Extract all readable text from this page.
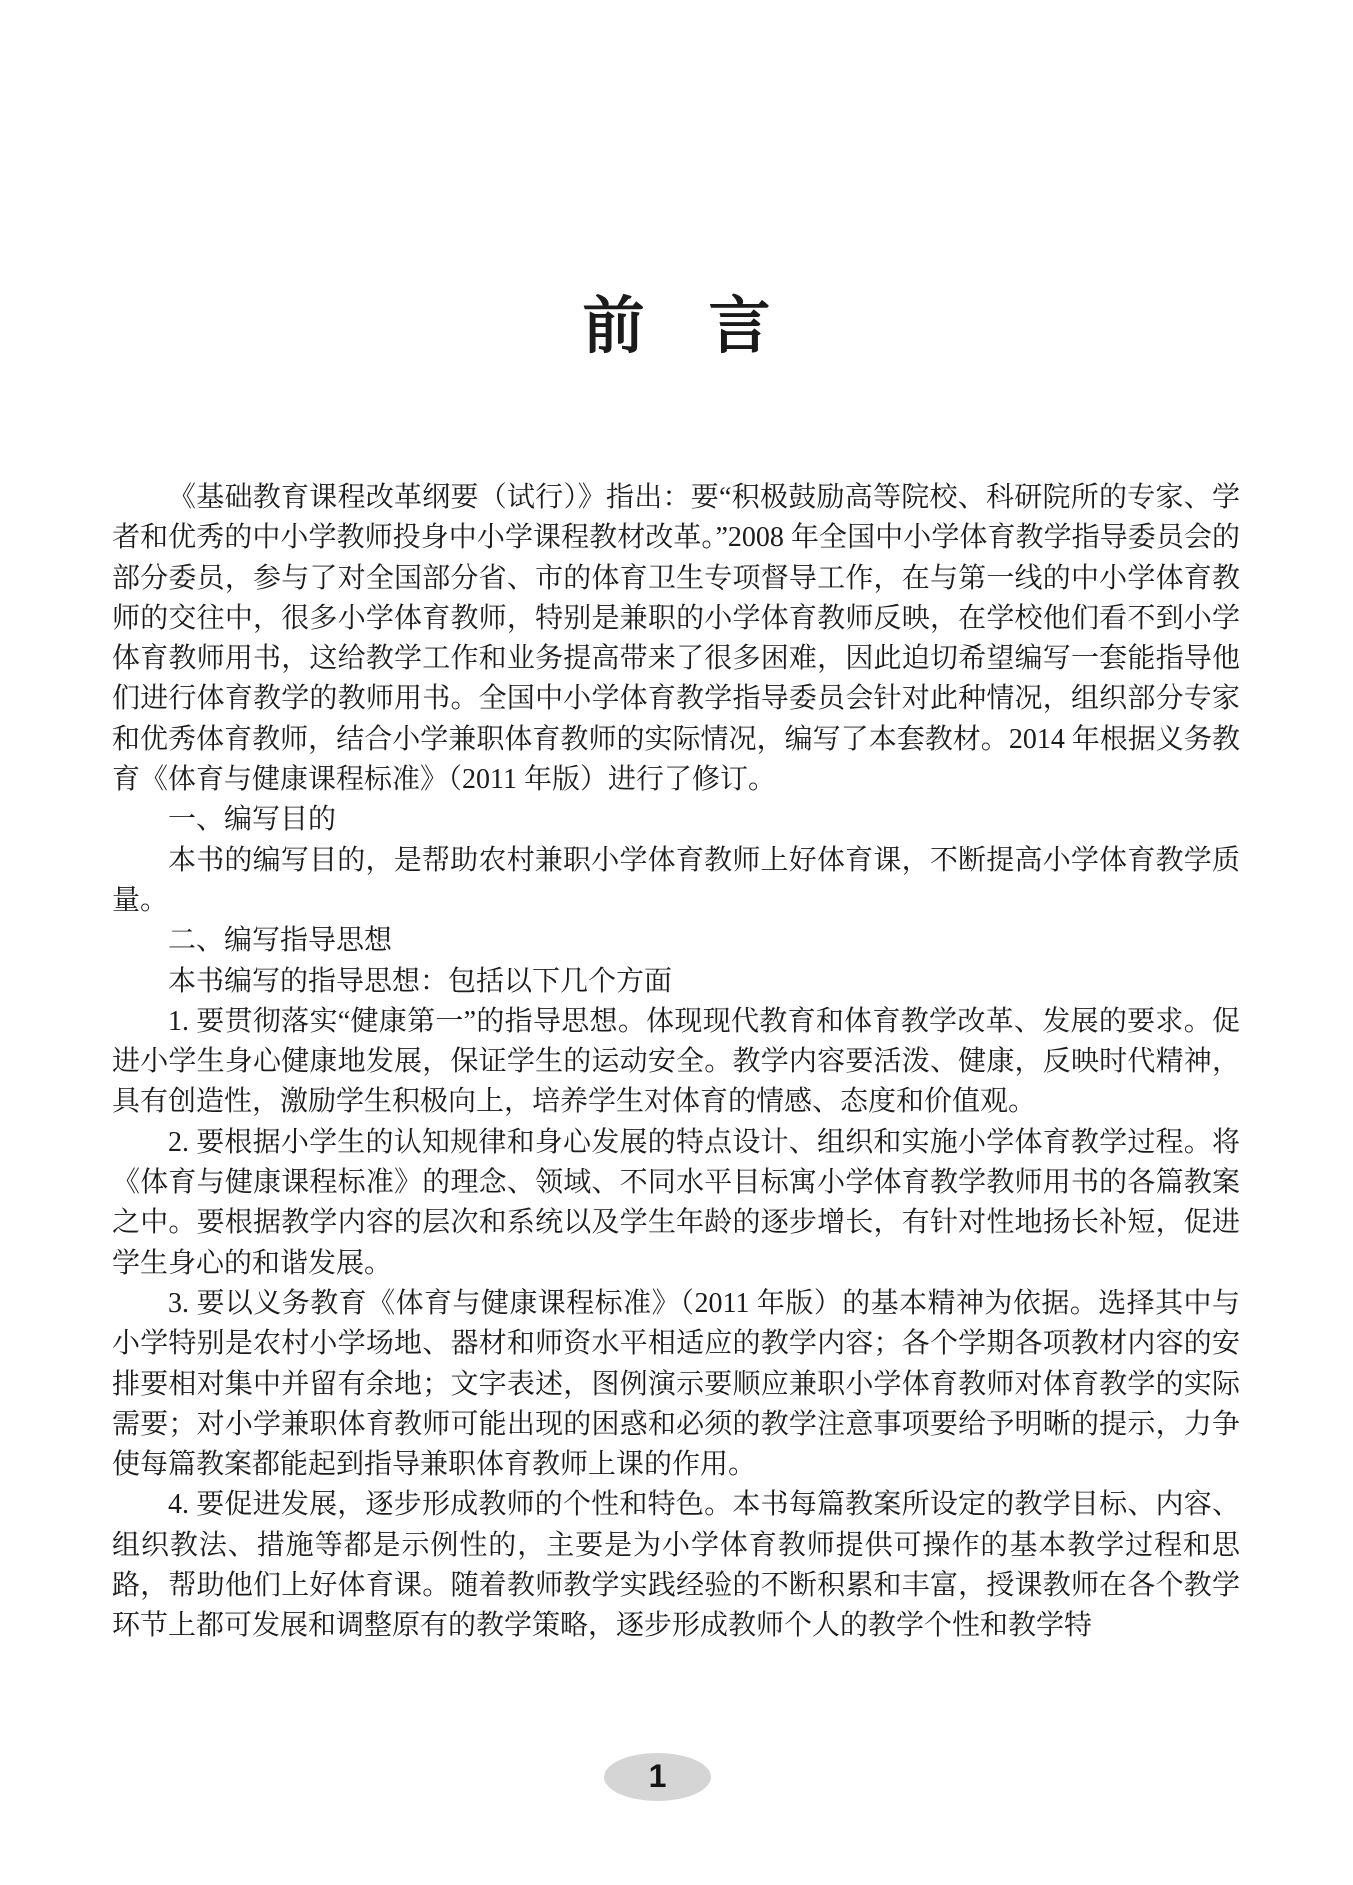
前 言

《基础教育课程改革纲要（试行）》指出：要“积极鼓励高等院校、科研院所的专家、学者和优秀的中小学教师投身中小学课程教材改革。”2008 年全国中小学体育教学指导委员会的部分委员，参与了对全国部分省、市的体育卫生专项督导工作，在与第一线的中小学体育教师的交往中，很多小学体育教师，特别是兼职的小学体育教师反映，在学校他们看不到小学体育教师用书，这给教学工作和业务提高带来了很多困难，因此迫切希望编写一套能指导他们进行体育教学的教师用书。全国中小学体育教学指导委员会针对此种情况，组织部分专家和优秀体育教师，结合小学兼职体育教师的实际情况，编写了本套教材。2014 年根据义务教育《体育与健康课程标准》（2011 年版）进行了修订。

一、编写目的

本书的编写目的，是帮助农村兼职小学体育教师上好体育课，不断提高小学体育教学质量。

二、编写指导思想

本书编写的指导思想：包括以下几个方面

1. 要贯彻落实“健康第一”的指导思想。体现现代教育和体育教学改革、发展的要求。促进小学生身心健康地发展，保证学生的运动安全。教学内容要活泼、健康，反映时代精神，具有创造性，激励学生积极向上，培养学生对体育的情感、态度和价值观。

2. 要根据小学生的认知规律和身心发展的特点设计、组织和实施小学体育教学过程。将《体育与健康课程标准》的理念、领域、不同水平目标寓小学体育教学教师用书的各篇教案之中。要根据教学内容的层次和系统以及学生年龄的逐步增长，有针对性地扬长补短，促进学生身心的和谐发展。

3. 要以义务教育《体育与健康课程标准》（2011 年版）的基本精神为依据。选择其中与小学特别是农村小学场地、器材和师资水平相适应的教学内容；各个学期各项教材内容的安排要相对集中并留有余地；文字表述，图例演示要顺应兼职小学体育教师对体育教学的实际需要；对小学兼职体育教师可能出现的困惑和必须的教学注意事项要给予明晰的提示，力争使每篇教案都能起到指导兼职体育教师上课的作用。

4. 要促进发展，逐步形成教师的个性和特色。本书每篇教案所设定的教学目标、内容、组织教法、措施等都是示例性的，主要是为小学体育教师提供可操作的基本教学过程和思路，帮助他们上好体育课。随着教师教学实践经验的不断积累和丰富，授课教师在各个教学环节上都可发展和调整原有的教学策略，逐步形成教师个人的教学个性和教学特

1
